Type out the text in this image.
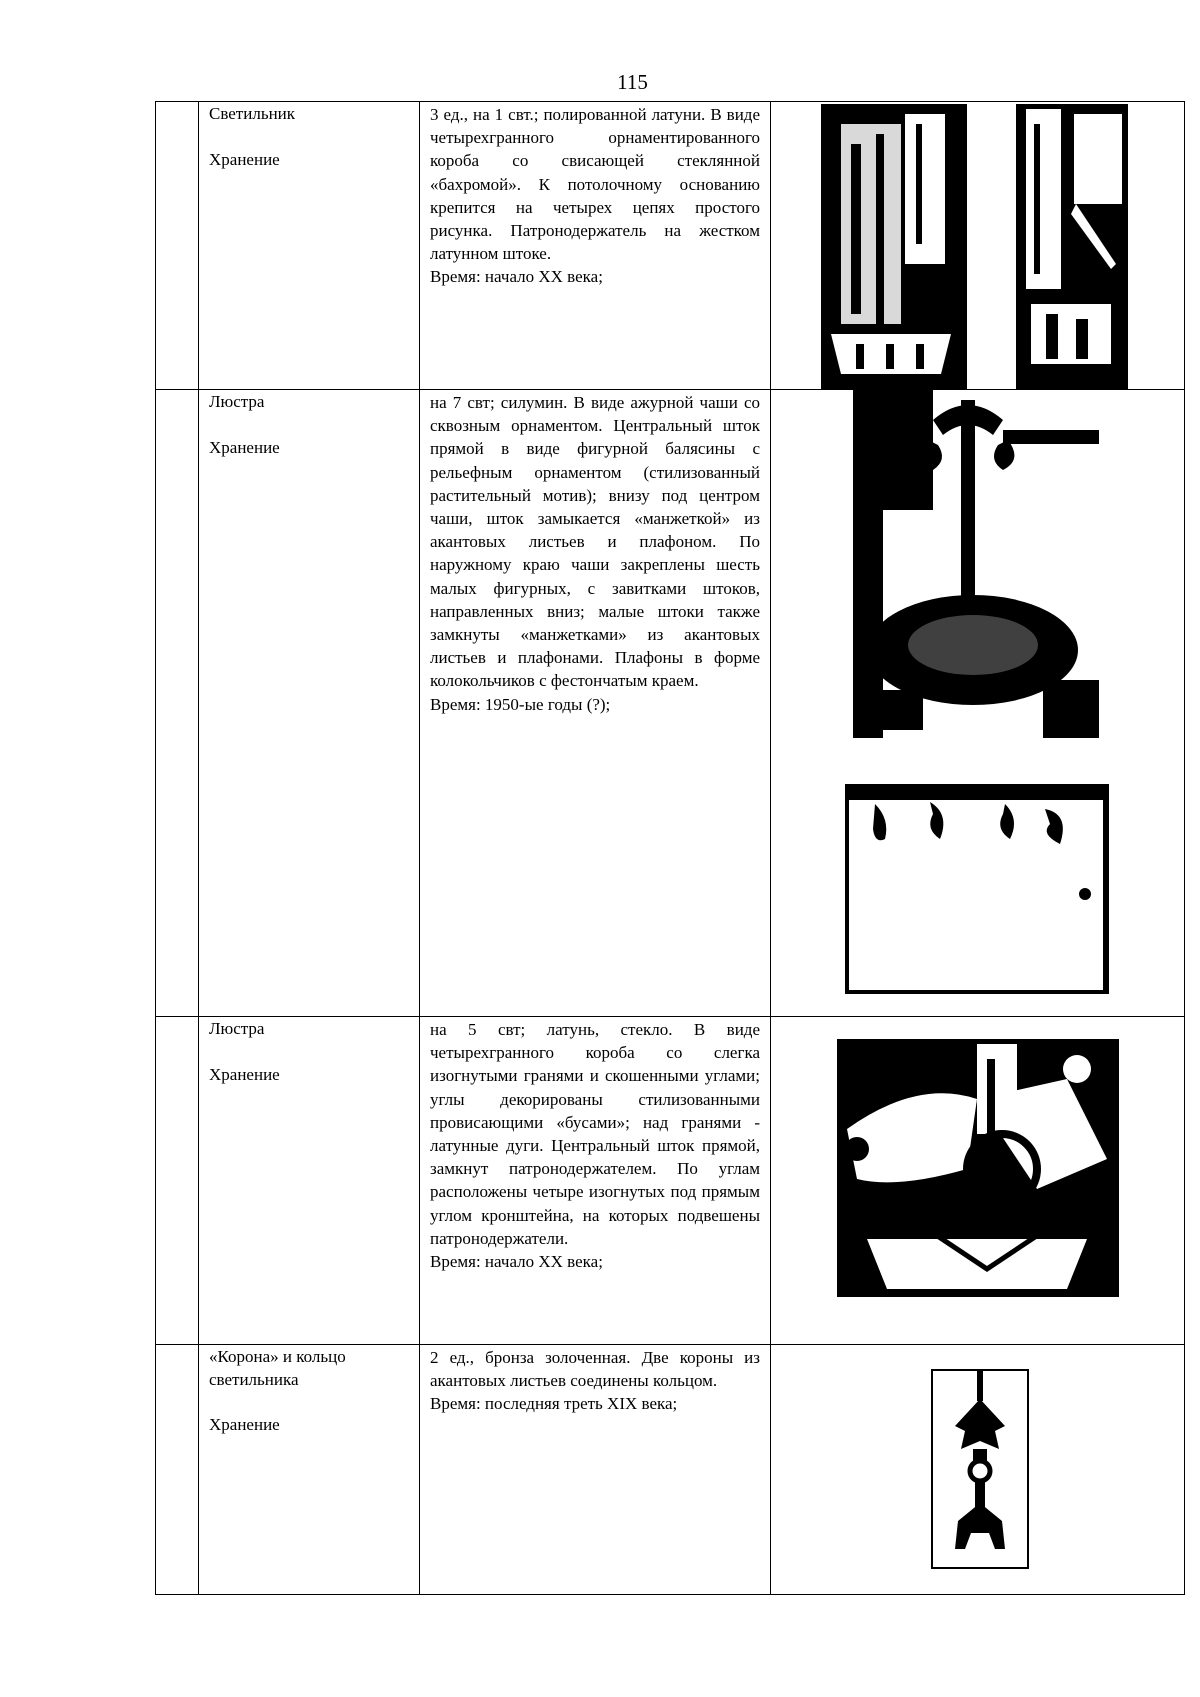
115

	Светильник
Хранение	3 ед., на 1 свт.; полированной латуни. В виде четырехгранного орнаментированного короба со свисающей стеклянной «бахромой». К потолочному основанию крепится на четырех цепях простого рисунка. Патронодержатель на жестком латунном штоке.
Время: начало XX века;

	Люстра
Хранение	на 7 свт; силумин. В виде ажурной чаши со сквозным орнаментом. Центральный шток прямой в виде фигурной балясины с рельефным орнаментом (стилизованный растительный мотив); внизу под центром чаши, шток замыкается «манжеткой» из акантовых листьев и плафоном. По наружному краю чаши закреплены шесть малых фигурных, с завитками штоков, направленных вниз; малые штоки также замкнуты «манжетками» из акантовых листьев и плафонами. Плафоны в форме колокольчиков с фестончатым краем.
Время: 1950-ые годы (?);

	Люстра
Хранение	на 5 свт; латунь, стекло. В виде четырехгранного короба со слегка изогнутыми гранями и скошенными углами; углы декорированы стилизованными провисающими «бусами»; над гранями - латунные дуги. Центральный шток прямой, замкнут патронодержателем. По углам расположены четыре изогнутых под прямым углом кронштейна, на которых подвешены патронодержатели.
Время: начало XX века;

	«Корона» и кольцо светильника
Хранение	2 ед., бронза золоченная. Две короны из акантовых листьев соединены кольцом.
Время: последняя треть XIX века;
